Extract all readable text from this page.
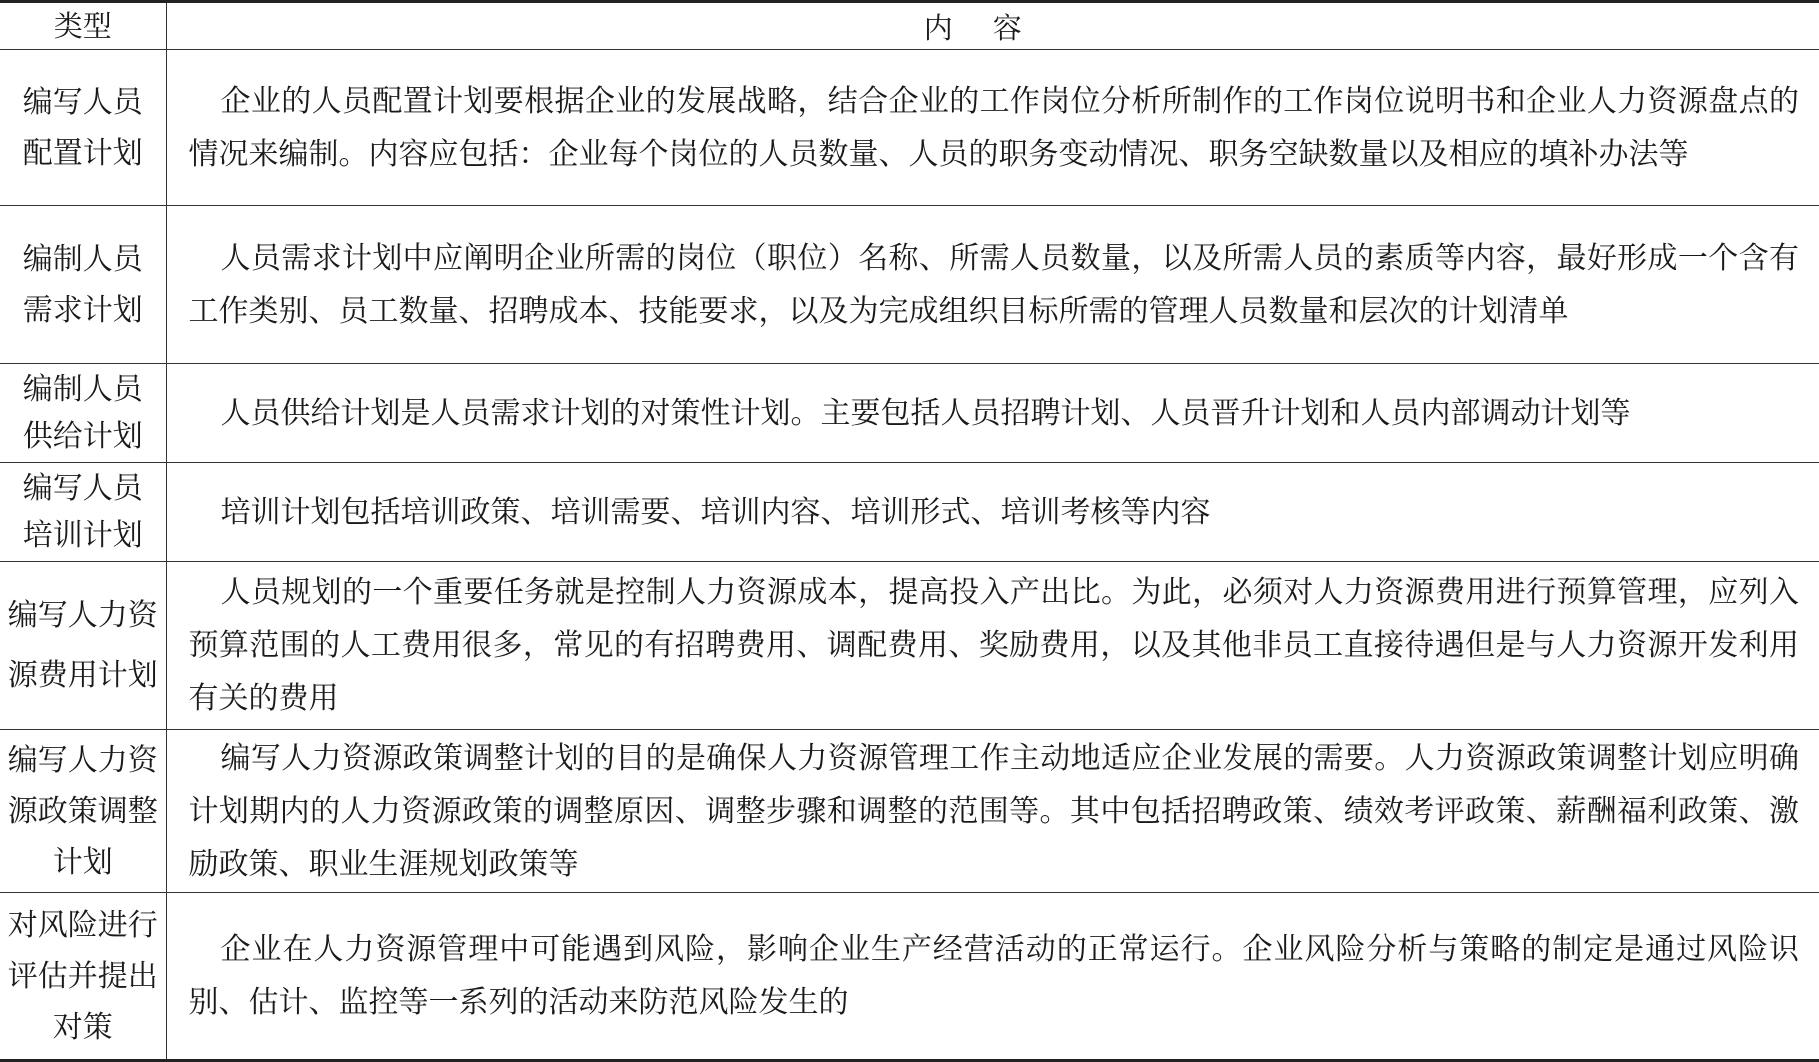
类型	内容
编写人员配置计划	企业的人员配置计划要根据企业的发展战略，结合企业的工作岗位分析所制作的工作岗位说明书和企业人力资源盘点的情况来编制。内容应包括：企业每个岗位的人员数量、人员的职务变动情况、职务空缺数量以及相应的填补办法等

编制人员需求计划	人员需求计划中应阐明企业所需的岗位（职位）名称、所需人员数量，以及所需人员的素质等内容，最好形成一个含有工作类别、员工数量、招聘成本、技能要求，以及为完成组织目标所需的管理人员数量和层次的计划清单

编制人员供给计划	人员供给计划是人员需求计划的对策性计划。主要包括人员招聘计划、人员晋升计划和人员内部调动计划等

编写人员培训计划	培训计划包括培训政策、培训需要、培训内容、培训形式、培训考核等内容

编写人力资源费用计划	人员规划的一个重要任务就是控制人力资源成本，提高投入产出比。为此，必须对人力资源费用进行预算管理，应列入预算范围的人工费用很多，常见的有招聘费用、调配费用、奖励费用，以及其他非员工直接待遇但是与人力资源开发利用有关的费用

编写人力资源政策调整计划	编写人力资源政策调整计划的目的是确保人力资源管理工作主动地适应企业发展的需要。人力资源政策调整计划应明确计划期内的人力资源政策的调整原因、调整步骤和调整的范围等。其中包括招聘政策、绩效考评政策、薪酬福利政策、激励政策、职业生涯规划政策等

对风险进行评估并提出对策	企业在人力资源管理中可能遇到风险，影响企业生产经营活动的正常运行。企业风险分析与策略的制定是通过风险识别、估计、监控等一系列的活动来防范风险发生的
